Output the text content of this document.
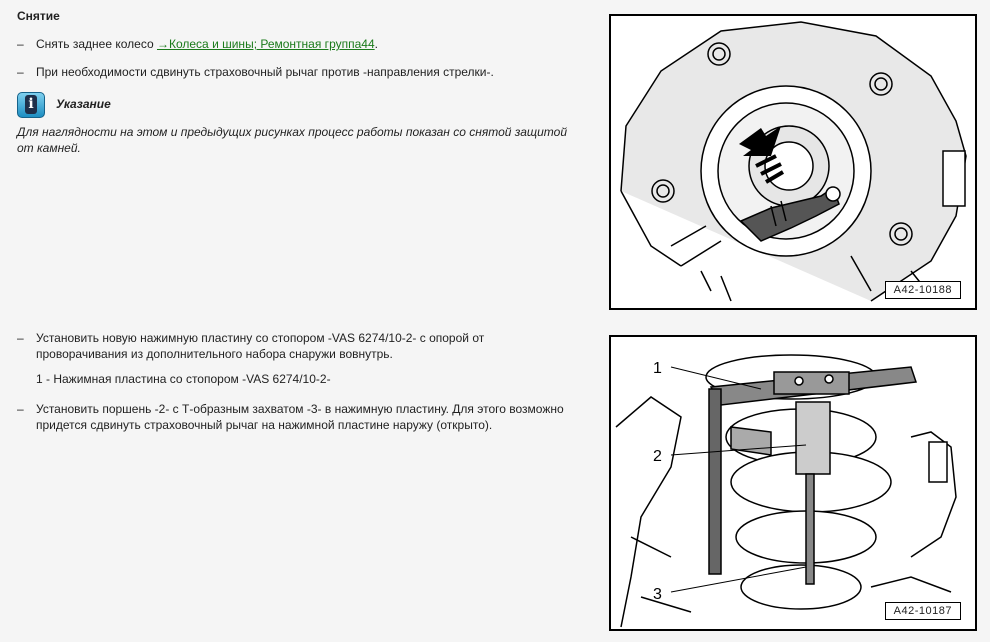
Снятие
– Снять заднее колесо →Колеса и шины; Ремонтная группа44.
– При необходимости сдвинуть страховочный рычаг против -направления стрелки-.
i Указание
Для наглядности на этом и предыдущих рисунках процесс работы показан со снятой защитой от камней.
– Установить новую нажимную пластину со стопором -VAS 6274/10-2- с опорой от проворачивания из дополнительного набора снаружи вовнутрь.
1 - Нажимная пластина со стопором -VAS 6274/10-2-
– Установить поршень -2- с Т-образным захватом -3- в нажимную пластину. Для этого возможно придется сдвинуть страховочный рычаг на нажимной пластине наружу (открыто).
A42-10188
1
2
3
A42-10187
